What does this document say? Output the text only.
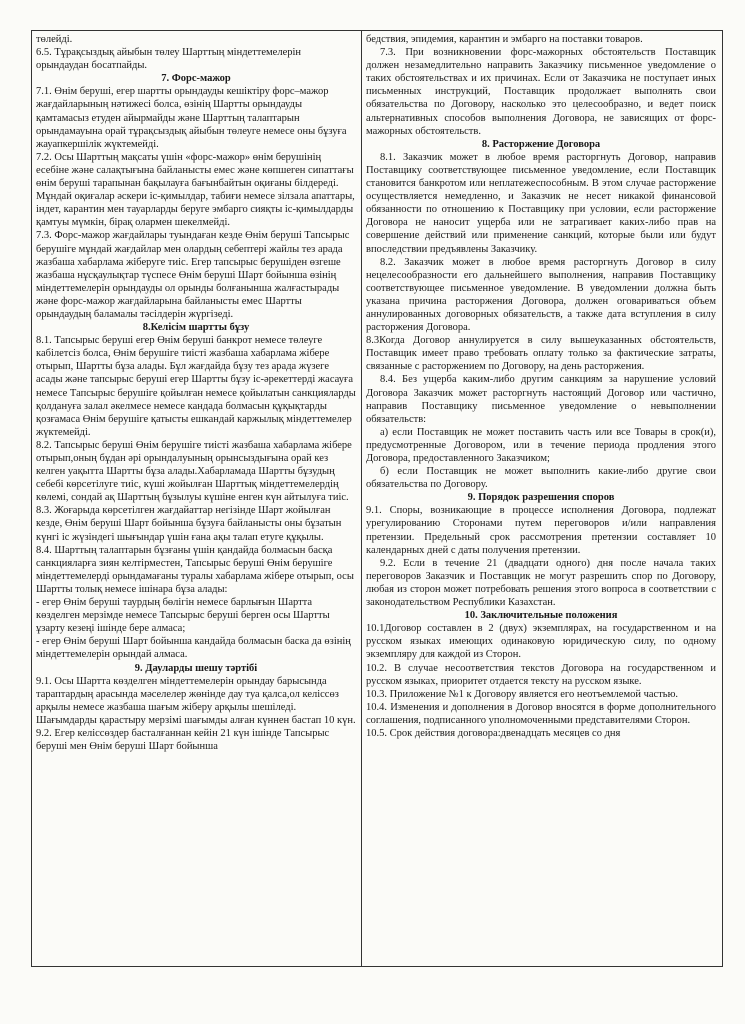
төлейді.

6.5. Тұрақсыздық айыбын төлеу Шарттың міндеттемелерін орындаудан босатпайды.

7. Форс-мажор

7.1. Өнім беруші, егер шартты орындауды кешіктіру форс–мажор жағдайларының нәтижесі болса, өзінің Шартты орындауды қамтамасыз етуден айырмайды және Шарттың талаптарын орындамауына орай тұрақсыздық айыбын төлеуге немесе оны бұзуға жауапкершілік жүктемейді.

7.2. Осы Шарттың мақсаты үшін «форс-мажор» өнім берушінің есебіне және салақтығына байланысты емес және көпшеген сипаттағы өнім беруші тарапынан бақылауға бағынбайтын оқиғаны білдереді. Мұндай оқиғалар әскери іс-қимылдар, табиғи немесе зілзала апаттары, індет, карантин мен тауарларды беруге эмбарго сияқты іс-қимылдарды қамтуы мүмкін, бірақ олармен шекелмейді.

7.3. Форс-мажор жағдайлары туындаған кезде Өнім беруші Тапсырыс берушіге мұндай жағдайлар мен олардың себептері жайлы тез арада жазбаша хабарлама жіберуге тиіс. Егер тапсырыс берушіден өзгеше жазбаша нұсқаулықтар түспесе Өнім беруші Шарт бойынша өзінің міндеттемелерін орындауды ол орынды болғанынша жалғастырады және форс-мажор жағдайларына байланысты емес Шартты орындаудың баламалы тәсілдерін жүргізеді.

8.Келісім шартты бұзу

8.1. Тапсырыс беруші егер Өнім беруші банкрот немесе төлеуге кабілетсіз болса, Өнім берушіге тиісті жазбаша хабарлама жібере отырып, Шартты бұза алады. Бұл жағдайда бұзу тез арада жүзеге асады және тапсырыс беруші егер Шартты бұзу іс-әрекеттерді жасауға немесе Тапсырыс берушіге қойылған немесе қойылатын санкцияларды қолдануға залал әкелмесе немесе кандада болмасын құқықтарды қозғамаса Өнім берушіге қатысты ешкандай каржылық міндеттемелер жүктемейді.

8.2. Тапсырыс беруші Өнім берушіге тиісті жазбаша хабарлама жібере отырып,оның бұдан әрі орындалуының орынсыздығына орай кез келген уақытта Шартты бұза алады.Хабарламада Шартты бұзудың себебі көрсетілуге тиіс, күші жойылған Шарттық міндеттемелердің көлемі, сондай ақ Шарттың бұзылуы күшіне енген күн айтылуға тиіс.

8.3. Жоғарыда көрсетілген жағдайаттар негізінде Шарт жойылған кезде, Өнім беруші Шарт бойынша бұзуға байланысты оны бұзатын күнгі іс жүзіндегі шығындар үшін ғана ақы талап етуге құқылы.

8.4. Шарттың талаптарын бұзғаны үшін қандайда болмасын басқа санкцияларға зиян келтірместен, Тапсырыс беруші Өнім берушіге міндеттемелерді орындамағаны туралы хабарлама жібере отырып, осы Шартты толық немесе ішінара бұза алады:

- егер Өнім беруші таурдың бөлігін немесе барлығын Шартта көзделген мерзімде немесе Тапсырыс беруші берген осы Шартты ұзарту кезеңі ішінде бере алмаса;

- егер Өнім беруші Шарт бойынша кандайда болмасын баска да өзінің міндеттемелерін орындай алмаса.

9. Дауларды шешу тәртібі

9.1. Осы Шартта көзделген міндеттемелерін орындау барысында тараптардың арасында мәселелер жөнінде дау туа қалса,ол келіссөз арқылы немесе жазбаша шағым жіберу арқылы шешіледі. Шағымдарды қарастыру мерзімі шағымды алған күннен бастап 10 күн.

9.2. Егер келіссөздер басталғаннан кейін 21 күн ішінде Тапсырыс беруші мен Өнім беруші Шарт бойынша

бедствия, эпидемия, карантин и эмбарго на поставки товаров.

7.3. При возникновении форс-мажорных обстоятельств Поставщик должен незамедлительно направить Заказчику письменное уведомление о таких обстоятельствах и их причинах. Если от Заказчика не поступает иных письменных инструкций, Поставщик продолжает выполнять свои обязательства по Договору, насколько это целесообразно, и ведет поиск альтернативных способов выполнения Договора, не зависящих от форс-мажорных обстоятельств.

8. Расторжение Договора

8.1. Заказчик может в любое время расторгнуть Договор, направив Поставщику соответствующее письменное уведомление, если Поставщик становится банкротом или неплатежеспособным. В этом случае расторжение осуществляется немедленно, и Заказчик не несет никакой финансовой обязанности по отношению к Поставщику при условии, если расторжение Договора не наносит ущерба или не затрагивает каких-либо прав на совершение действий или применение санкций, которые были или будут впоследствии предъявлены Заказчику.

8.2. Заказчик может в любое время расторгнуть Договор в силу нецелесообразности его дальнейшего выполнения, направив Поставщику соответствующее письменное уведомление. В уведомлении должна быть указана причина расторжения Договора, должен оговариваться объем аннулированных договорных обязательств, а также дата вступления в силу расторжения Договора.

8.3Когда Договор аннулируется в силу вышеуказанных обстоятельств, Поставщик имеет право требовать оплату только за фактические затраты, связанные с расторжением по Договору, на день расторжения.

8.4. Без ущерба каким-либо другим санкциям за нарушение условий Договора Заказчик может расторгнуть настоящий Договор или частично, направив Поставщику письменное уведомление о невыполнении обязательств:

а) если Поставщик не может поставить часть или все Товары в срок(и), предусмотренные Договором, или в течение периода продления этого Договора, предоставленного Заказчиком;

б) если Поставщик не может выполнить какие-либо другие свои обязательства по Договору.

9. Порядок разрешения споров

9.1. Споры, возникающие в процессе исполнения Договора, подлежат урегулированию Сторонами путем переговоров и/или направления претензии. Предельный срок рассмотрения претензии составляет 10 календарных дней с даты получения претензии.

9.2. Если в течение 21 (двадцати одного) дня после начала таких переговоров Заказчик и Поставщик не могут разрешить спор по Договору, любая из сторон может потребовать решения этого вопроса в соответствии с законодательством Республики Казахстан.

10. Заключительные положения

10.1Договор составлен в 2 (двух) экземплярах, на государственном и на русском языках имеющих одинаковую юридическую силу, по одному экземпляру для каждой из Сторон.

10.2. В случае несоответствия текстов Договора на государственном и русском языках, приоритет отдается тексту на русском языке.

10.3. Приложение №1 к Договору является его неотъемлемой частью.

10.4. Изменения и дополнения в Договор вносятся в форме дополнительного соглашения, подписанного уполномоченными представителями Сторон.

10.5. Срок действия договора:двенадцать месяцев со дня
